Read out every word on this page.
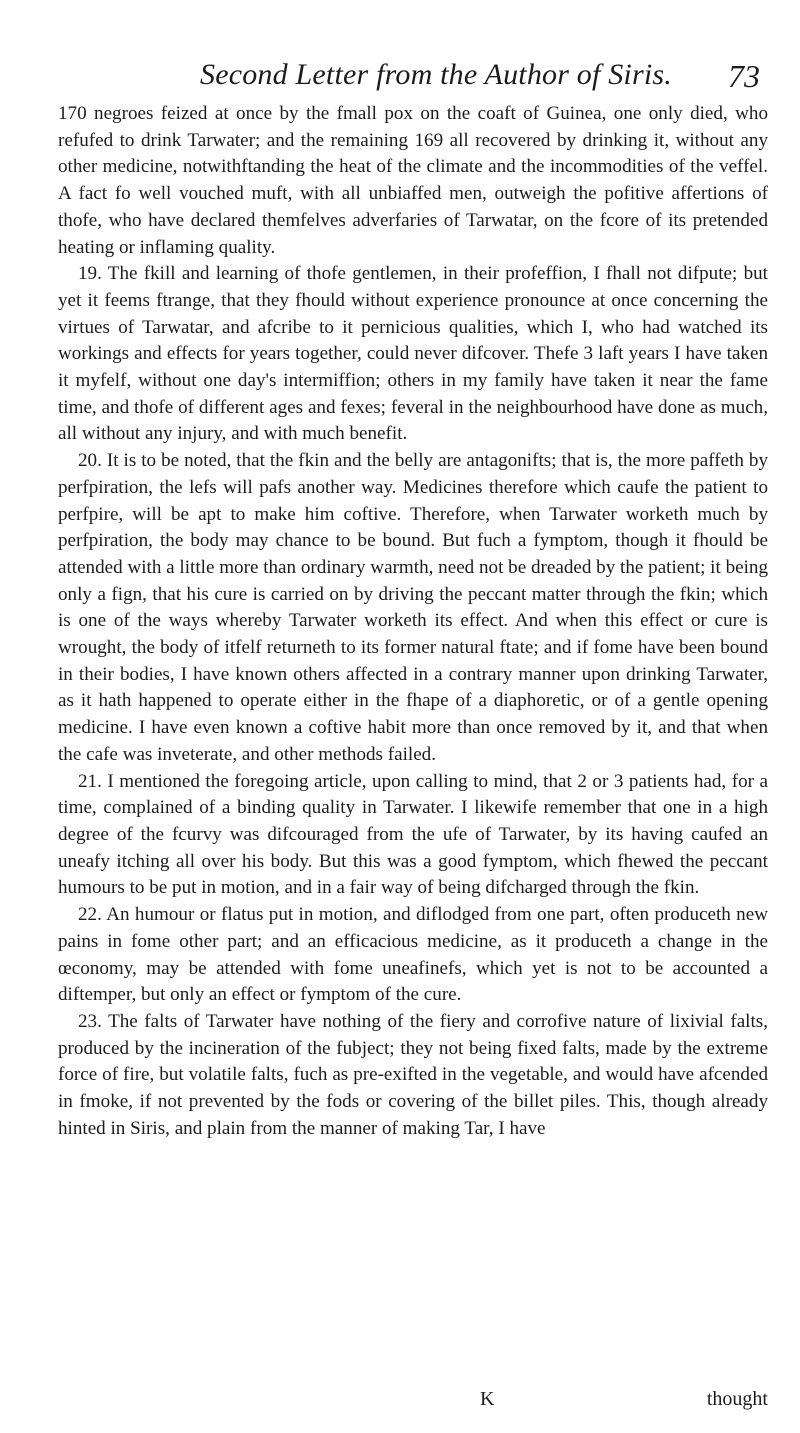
Second Letter from the Author of Siris. 73

170 negroes feized at once by the fmall pox on the coaft of Guinea, one only died, who refufed to drink Tarwater; and the remaining 169 all recovered by drinking it, without any other medicine, notwithftanding the heat of the climate and the incommodities of the veffel. A fact fo well vouched muft, with all unbiaffed men, outweigh the pofitive affertions of thofe, who have declared themfelves adverfaries of Tarwatar, on the fcore of its pretended heating or inflaming quality.

19. The fkill and learning of thofe gentlemen, in their profeffion, I fhall not difpute; but yet it feems ftrange, that they fhould without experience pronounce at once concerning the virtues of Tarwatar, and afcribe to it pernicious qualities, which I, who had watched its workings and effects for years together, could never difcover. Thefe 3 laft years I have taken it myfelf, without one day's intermiffion; others in my family have taken it near the fame time, and thofe of different ages and fexes; feveral in the neighbourhood have done as much, all without any injury, and with much benefit.

20. It is to be noted, that the fkin and the belly are antagonifts; that is, the more paffeth by perfpiration, the lefs will pafs another way. Medicines therefore which caufe the patient to perfpire, will be apt to make him coftive. Therefore, when Tarwater worketh much by perfpiration, the body may chance to be bound. But fuch a fymptom, though it fhould be attended with a little more than ordinary warmth, need not be dreaded by the patient; it being only a fign, that his cure is carried on by driving the peccant matter through the fkin; which is one of the ways whereby Tarwater worketh its effect. And when this effect or cure is wrought, the body of itfelf returneth to its former natural ftate; and if fome have been bound in their bodies, I have known others affected in a contrary manner upon drinking Tarwater, as it hath happened to operate either in the fhape of a diaphoretic, or of a gentle opening medicine. I have even known a coftive habit more than once removed by it, and that when the cafe was inveterate, and other methods failed.

21. I mentioned the foregoing article, upon calling to mind, that 2 or 3 patients had, for a time, complained of a binding quality in Tarwater. I likewife remember that one in a high degree of the fcurvy was difcouraged from the ufe of Tarwater, by its having caufed an uneafy itching all over his body. But this was a good fymptom, which fhewed the peccant humours to be put in motion, and in a fair way of being difcharged through the fkin.

22. An humour or flatus put in motion, and diflodged from one part, often produceth new pains in fome other part; and an efficacious medicine, as it produceth a change in the œconomy, may be attended with fome uneafinefs, which yet is not to be accounted a diftemper, but only an effect or fymptom of the cure.

23. The falts of Tarwater have nothing of the fiery and corrofive nature of lixivial falts, produced by the incineration of the fubject; they not being fixed falts, made by the extreme force of fire, but volatile falts, fuch as pre-exifted in the vegetable, and would have afcended in fmoke, if not prevented by the fods or covering of the billet piles. This, though already hinted in Siris, and plain from the manner of making Tar, I have

K	thought
